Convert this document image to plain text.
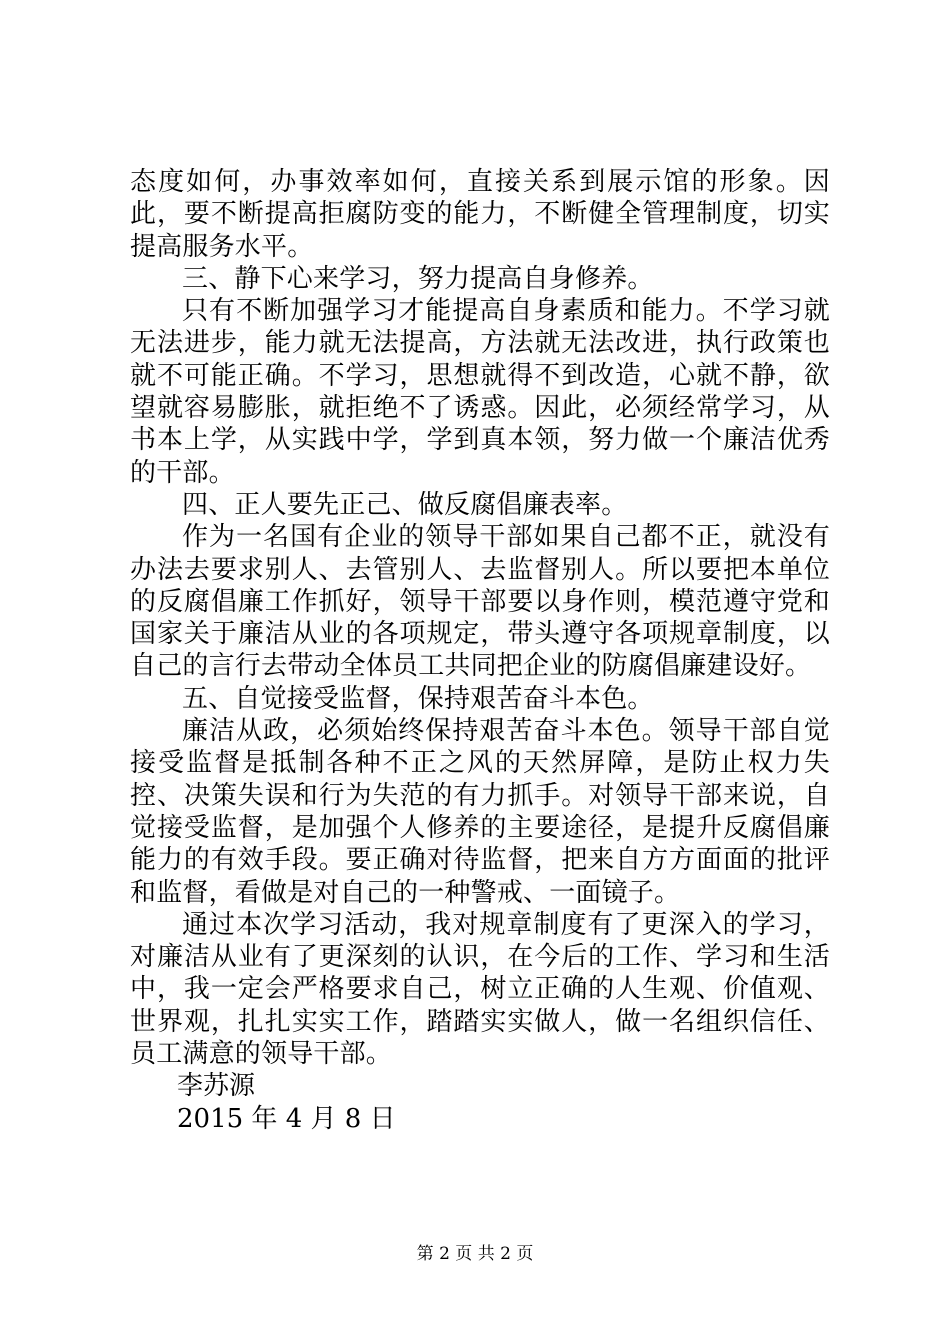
态度如何，办事效率如何，直接关系到展示馆的形象。因此，要不断提高拒腐防变的能力，不断健全管理制度，切实提高服务水平。

三、静下心来学习，努力提高自身修养。

只有不断加强学习才能提高自身素质和能力。不学习就无法进步，能力就无法提高，方法就无法改进，执行政策也就不可能正确。不学习，思想就得不到改造，心就不静，欲望就容易膨胀，就拒绝不了诱惑。因此，必须经常学习，从书本上学，从实践中学，学到真本领，努力做一个廉洁优秀的干部。

四、正人要先正己、做反腐倡廉表率。

作为一名国有企业的领导干部如果自己都不正，就没有办法去要求别人、去管别人、去监督别人。所以要把本单位的反腐倡廉工作抓好，领导干部要以身作则，模范遵守党和国家关于廉洁从业的各项规定，带头遵守各项规章制度，以自己的言行去带动全体员工共同把企业的防腐倡廉建设好。

五、自觉接受监督，保持艰苦奋斗本色。

廉洁从政，必须始终保持艰苦奋斗本色。领导干部自觉接受监督是抵制各种不正之风的天然屏障，是防止权力失控、决策失误和行为失范的有力抓手。对领导干部来说，自觉接受监督，是加强个人修养的主要途径，是提升反腐倡廉能力的有效手段。要正确对待监督，把来自方方面面的批评和监督，看做是对自己的一种警戒、一面镜子。

通过本次学习活动，我对规章制度有了更深入的学习，对廉洁从业有了更深刻的认识，在今后的工作、学习和生活中，我一定会严格要求自己，树立正确的人生观、价值观、世界观，扎扎实实工作，踏踏实实做人，做一名组织信任、员工满意的领导干部。

李苏源

2015 年 4 月 8 日

第 2 页 共 2 页
